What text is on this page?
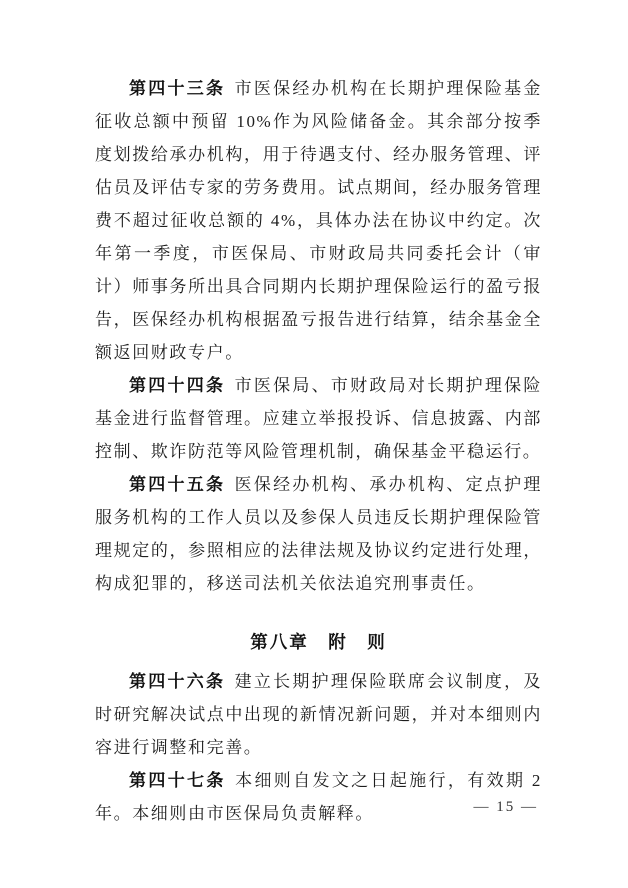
第四十三条 市医保经办机构在长期护理保险基金征收总额中预留 10%作为风险储备金。其余部分按季度划拨给承办机构，用于待遇支付、经办服务管理、评估员及评估专家的劳务费用。试点期间，经办服务管理费不超过征收总额的 4%，具体办法在协议中约定。次年第一季度，市医保局、市财政局共同委托会计（审计）师事务所出具合同期内长期护理保险运行的盈亏报告，医保经办机构根据盈亏报告进行结算，结余基金全额返回财政专户。

第四十四条 市医保局、市财政局对长期护理保险基金进行监督管理。应建立举报投诉、信息披露、内部控制、欺诈防范等风险管理机制，确保基金平稳运行。

第四十五条 医保经办机构、承办机构、定点护理服务机构的工作人员以及参保人员违反长期护理保险管理规定的，参照相应的法律法规及协议约定进行处理，构成犯罪的，移送司法机关依法追究刑事责任。

第八章　附　则

第四十六条 建立长期护理保险联席会议制度，及时研究解决试点中出现的新情况新问题，并对本细则内容进行调整和完善。

第四十七条 本细则自发文之日起施行，有效期 2 年。本细则由市医保局负责解释。	— 15 —
